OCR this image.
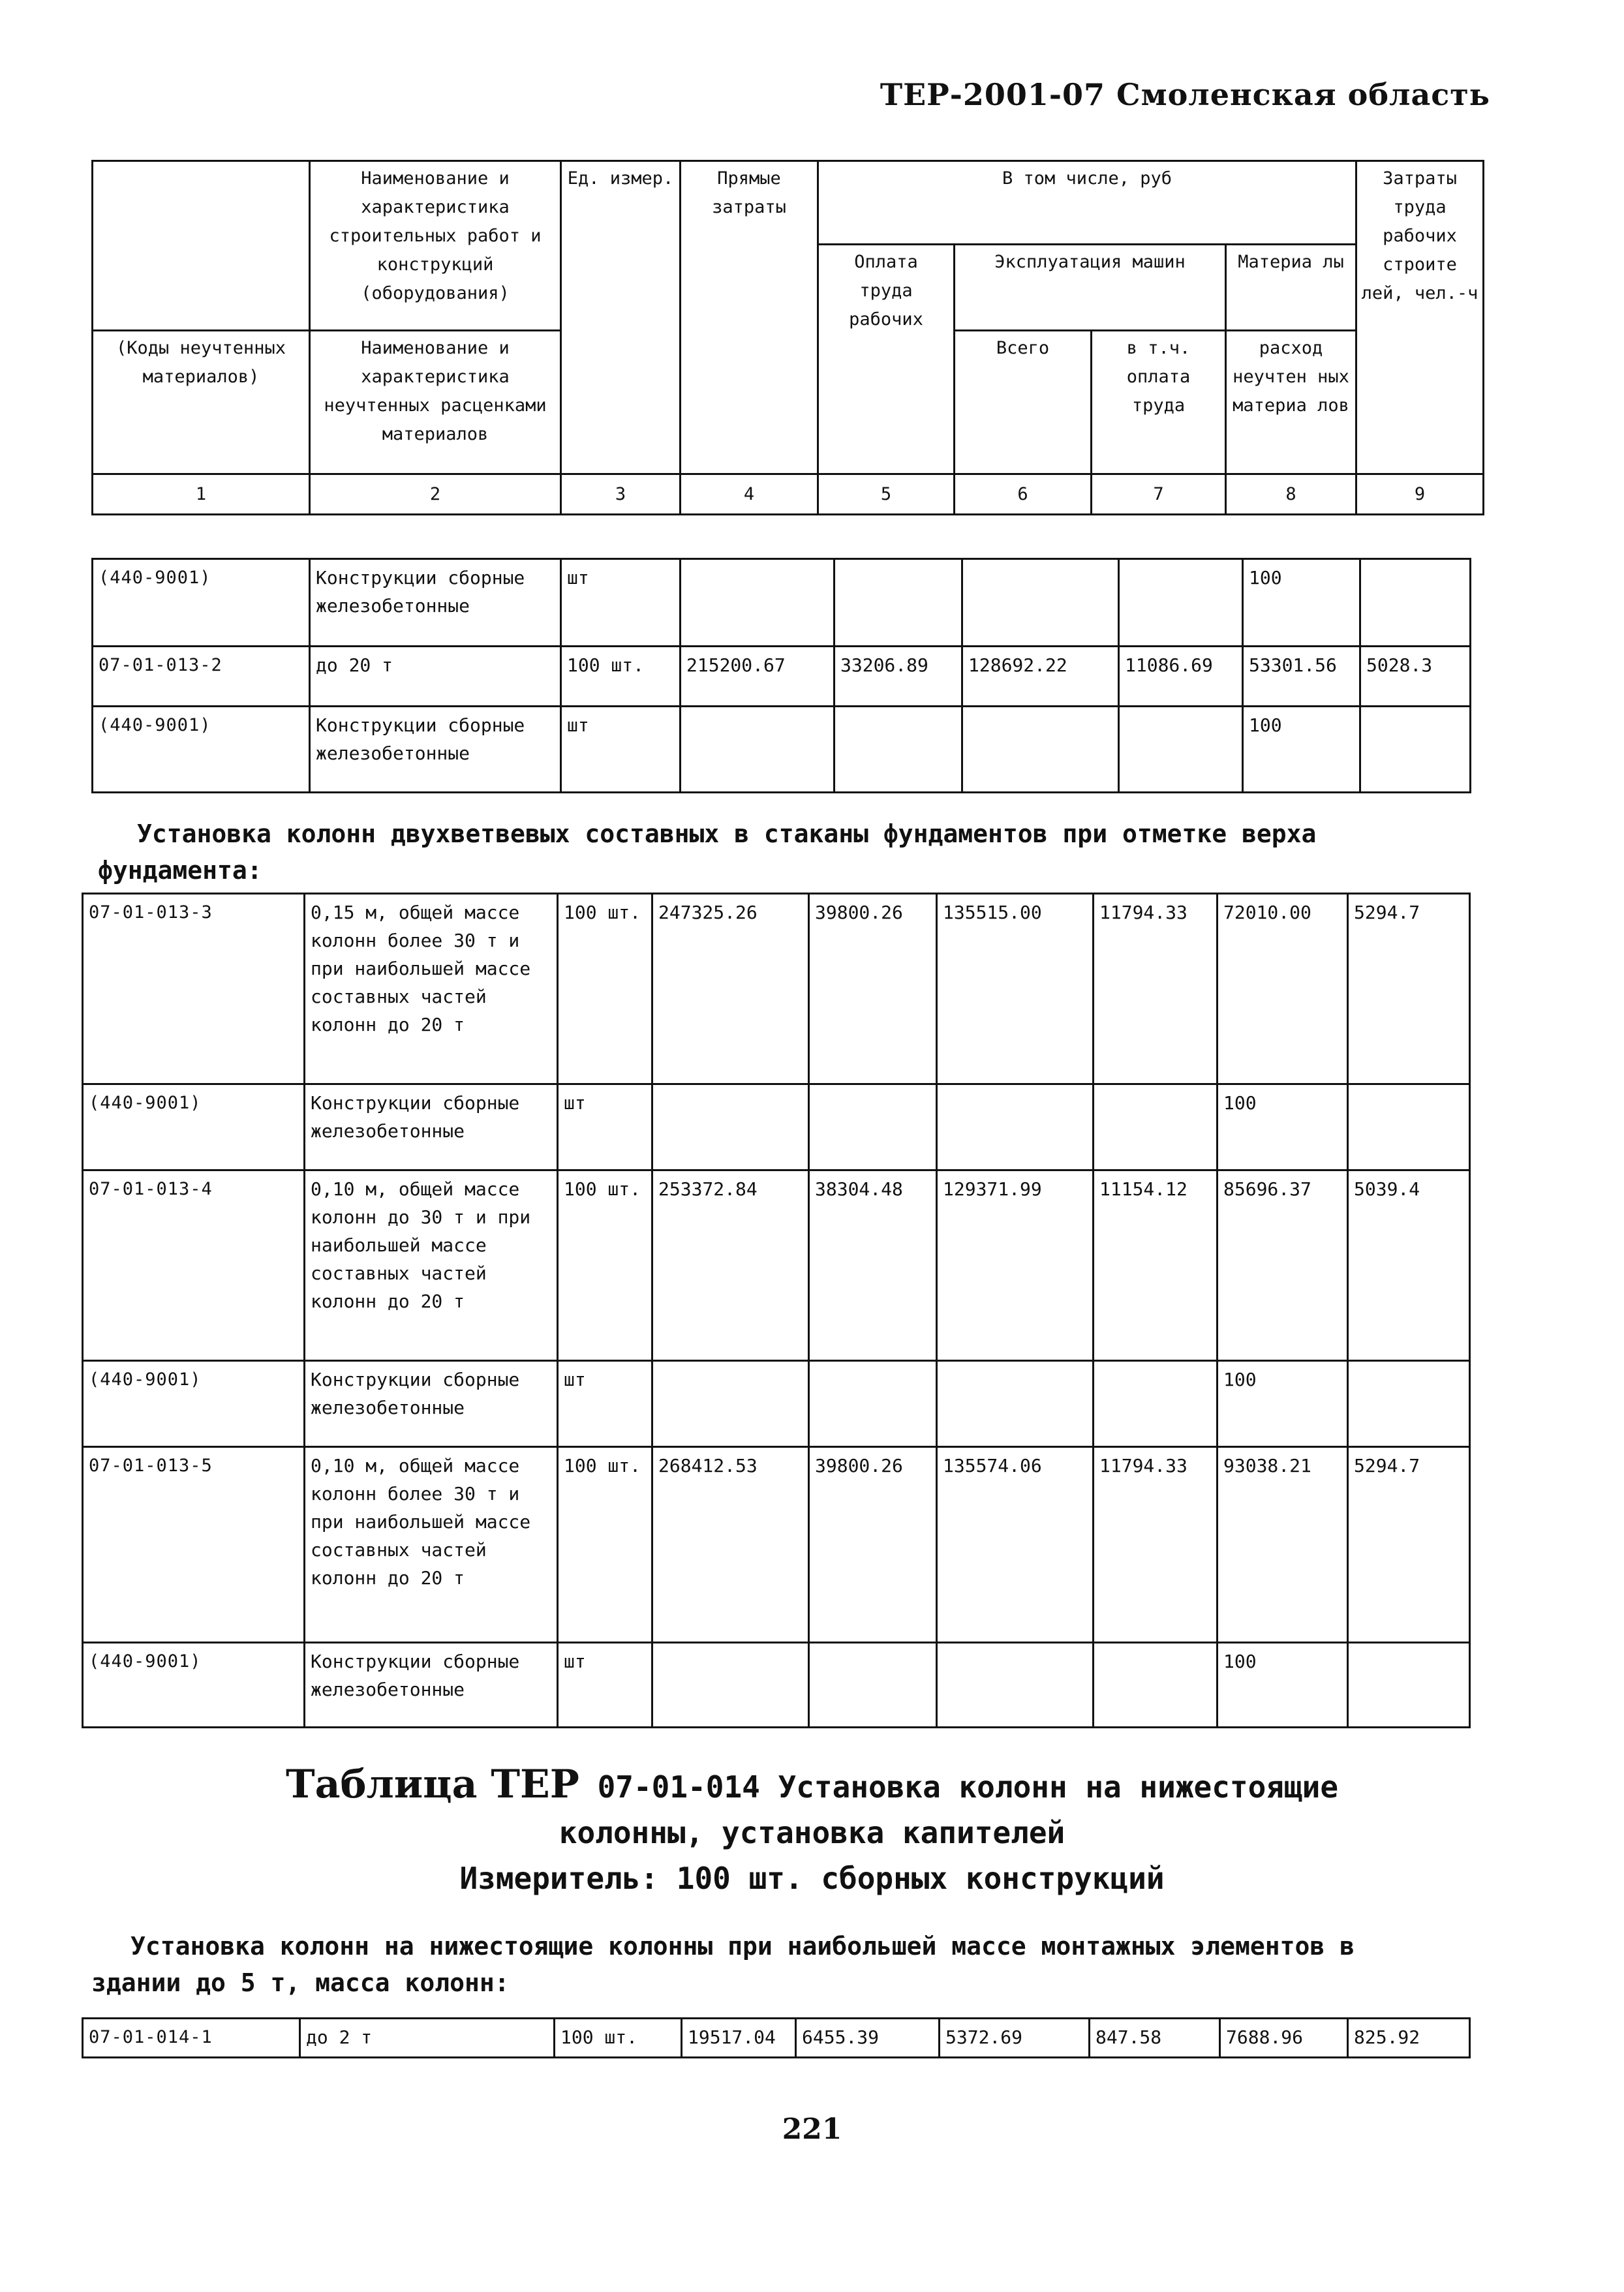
ТЕР-2001-07 Смоленская область
	Наименование и характеристика строительных работ и конструкций (оборудования)	Ед. измер.	Прямые затраты	В том числе, руб				Затраты труда рабочих строите лей, чел.-ч
				Оплата труда рабочих	Эксплуатация машин		Материа лы	
(Коды неучтенных материалов)	Наименование и характеристика неучтенных расценками материалов				Всего	в т.ч. оплата труда	расход неучтен ных материа лов	
1	2	3	4	5	6	7	8	9
(440-9001)	Конструкции сборные железобетонные	шт					100	
07-01-013-2	до 20 т	100 шт.	215200.67	33206.89	128692.22	11086.69	53301.56	5028.3
(440-9001)	Конструкции сборные железобетонные	шт					100	
Установка колонн двухветвевых составных в стаканы фундаментов при отметке верха фундамента:
07-01-013-3	0,15 м, общей массе колонн более 30 т и при наибольшей массе составных частей колонн до 20 т	100 шт.	247325.26	39800.26	135515.00	11794.33	72010.00	5294.7
(440-9001)	Конструкции сборные железобетонные	шт					100	
07-01-013-4	0,10 м, общей массе колонн до 30 т и при наибольшей массе составных частей колонн до 20 т	100 шт.	253372.84	38304.48	129371.99	11154.12	85696.37	5039.4
(440-9001)	Конструкции сборные железобетонные	шт					100	
07-01-013-5	0,10 м, общей массе колонн более 30 т и при наибольшей массе составных частей колонн до 20 т	100 шт.	268412.53	39800.26	135574.06	11794.33	93038.21	5294.7
(440-9001)	Конструкции сборные железобетонные	шт					100	
Таблица ТЕР 07-01-014 Установка колонн на нижестоящие
колонны, установка капителей
Измеритель: 100 шт. сборных конструкций
Установка колонн на нижестоящие колонны при наибольшей массе монтажных элементов в здании до 5 т, масса колонн:
07-01-014-1	до 2 т	100 шт.	19517.04	6455.39	5372.69	847.58	7688.96	825.92
221
